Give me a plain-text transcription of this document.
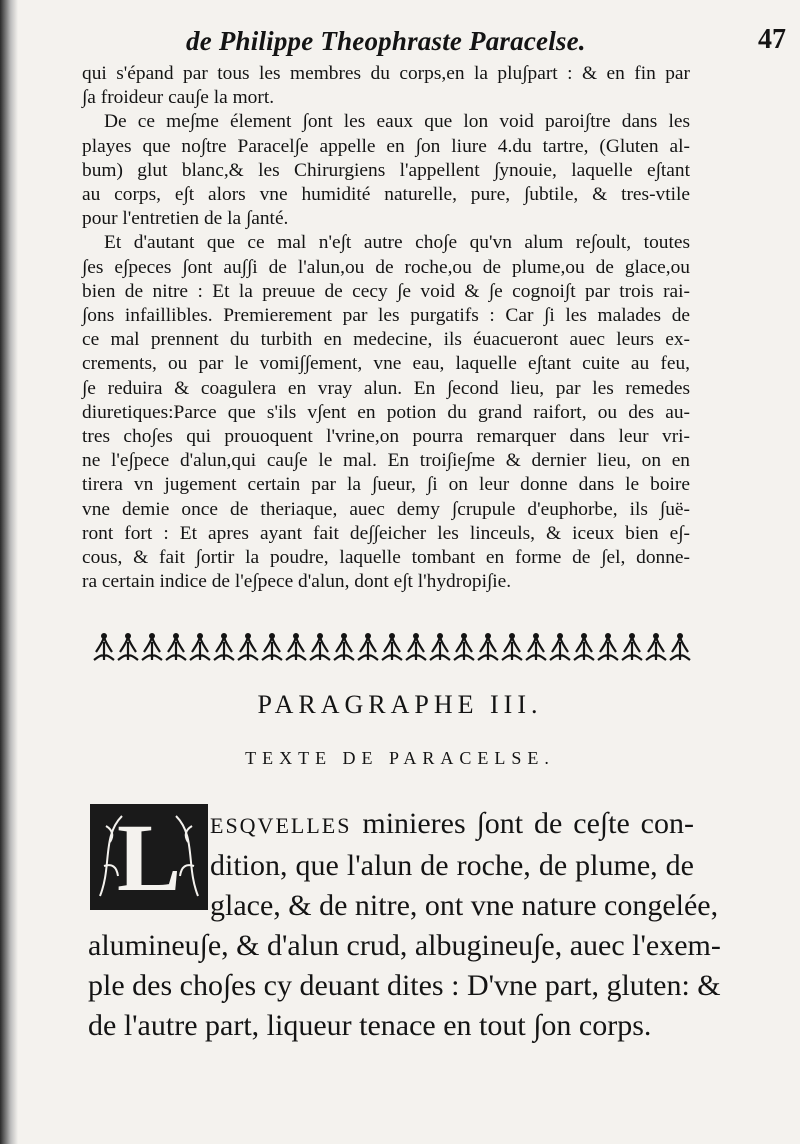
de Philippe Theophraste Paracelse.	47
qui s'épand par tous les membres du corps,en la plu∫part : & en fin par
∫a froideur cau∫e la mort.
De ce me∫me élement ∫ont les eaux que lon void paroi∫tre dans les
playes que no∫tre Paracel∫e appelle en ∫on liure 4.du tartre, (Gluten al-
bum) glut blanc,& les Chirurgiens l'appellent ∫ynouie, laquelle e∫tant
au corps, e∫t alors vne humidité naturelle, pure, ∫ubtile, & tres-vtile
pour l'entretien de la ∫anté.
Et d'autant que ce mal n'e∫t autre cho∫e qu'vn alum re∫oult, toutes
∫es e∫peces ∫ont au∫∫i de l'alun,ou de roche,ou de plume,ou de glace,ou
bien de nitre : Et la preuue de cecy ∫e void & ∫e cognoi∫t par trois rai-
∫ons infaillibles. Premierement par les purgatifs : Car ∫i les malades de
ce mal prennent du turbith en medecine, ils éuacueront auec leurs ex-
crements, ou par le vomi∫∫ement, vne eau, laquelle e∫tant cuite au feu,
∫e reduira & coagulera en vray alun. En ∫econd lieu, par les remedes
diuretiques:Parce que s'ils v∫ent en potion du grand raifort, ou des au-
tres cho∫es qui prouoquent l'vrine,on pourra remarquer dans leur vri-
ne l'e∫pece d'alun,qui cau∫e le mal. En troi∫ie∫me & dernier lieu, on en
tirera vn jugement certain par la ∫ueur, ∫i on leur donne dans le boire
vne demie once de theriaque, auec demy ∫crupule d'euphorbe, ils ∫uë-
ront fort : Et apres ayant fait de∫∫eicher les linceuls, & iceux bien e∫-
cous, & fait ∫ortir la poudre, laquelle tombant en forme de ∫el, donne-
ra certain indice de l'e∫pece d'alun, dont e∫t l'hydropi∫ie.
PARAGRAPHE III.
TEXTE DE PARACELSE.
L	ESQVELLES minieres ∫ont de ce∫te con-
dition, que l'alun de roche, de plume, de
glace, & de nitre, ont vne nature congelée,
alumineu∫e, & d'alun crud, albugineu∫e, auec l'exem-
ple des cho∫es cy deuant dites : D'vne part, gluten: &
de l'autre part, liqueur tenace en tout ∫on corps.
